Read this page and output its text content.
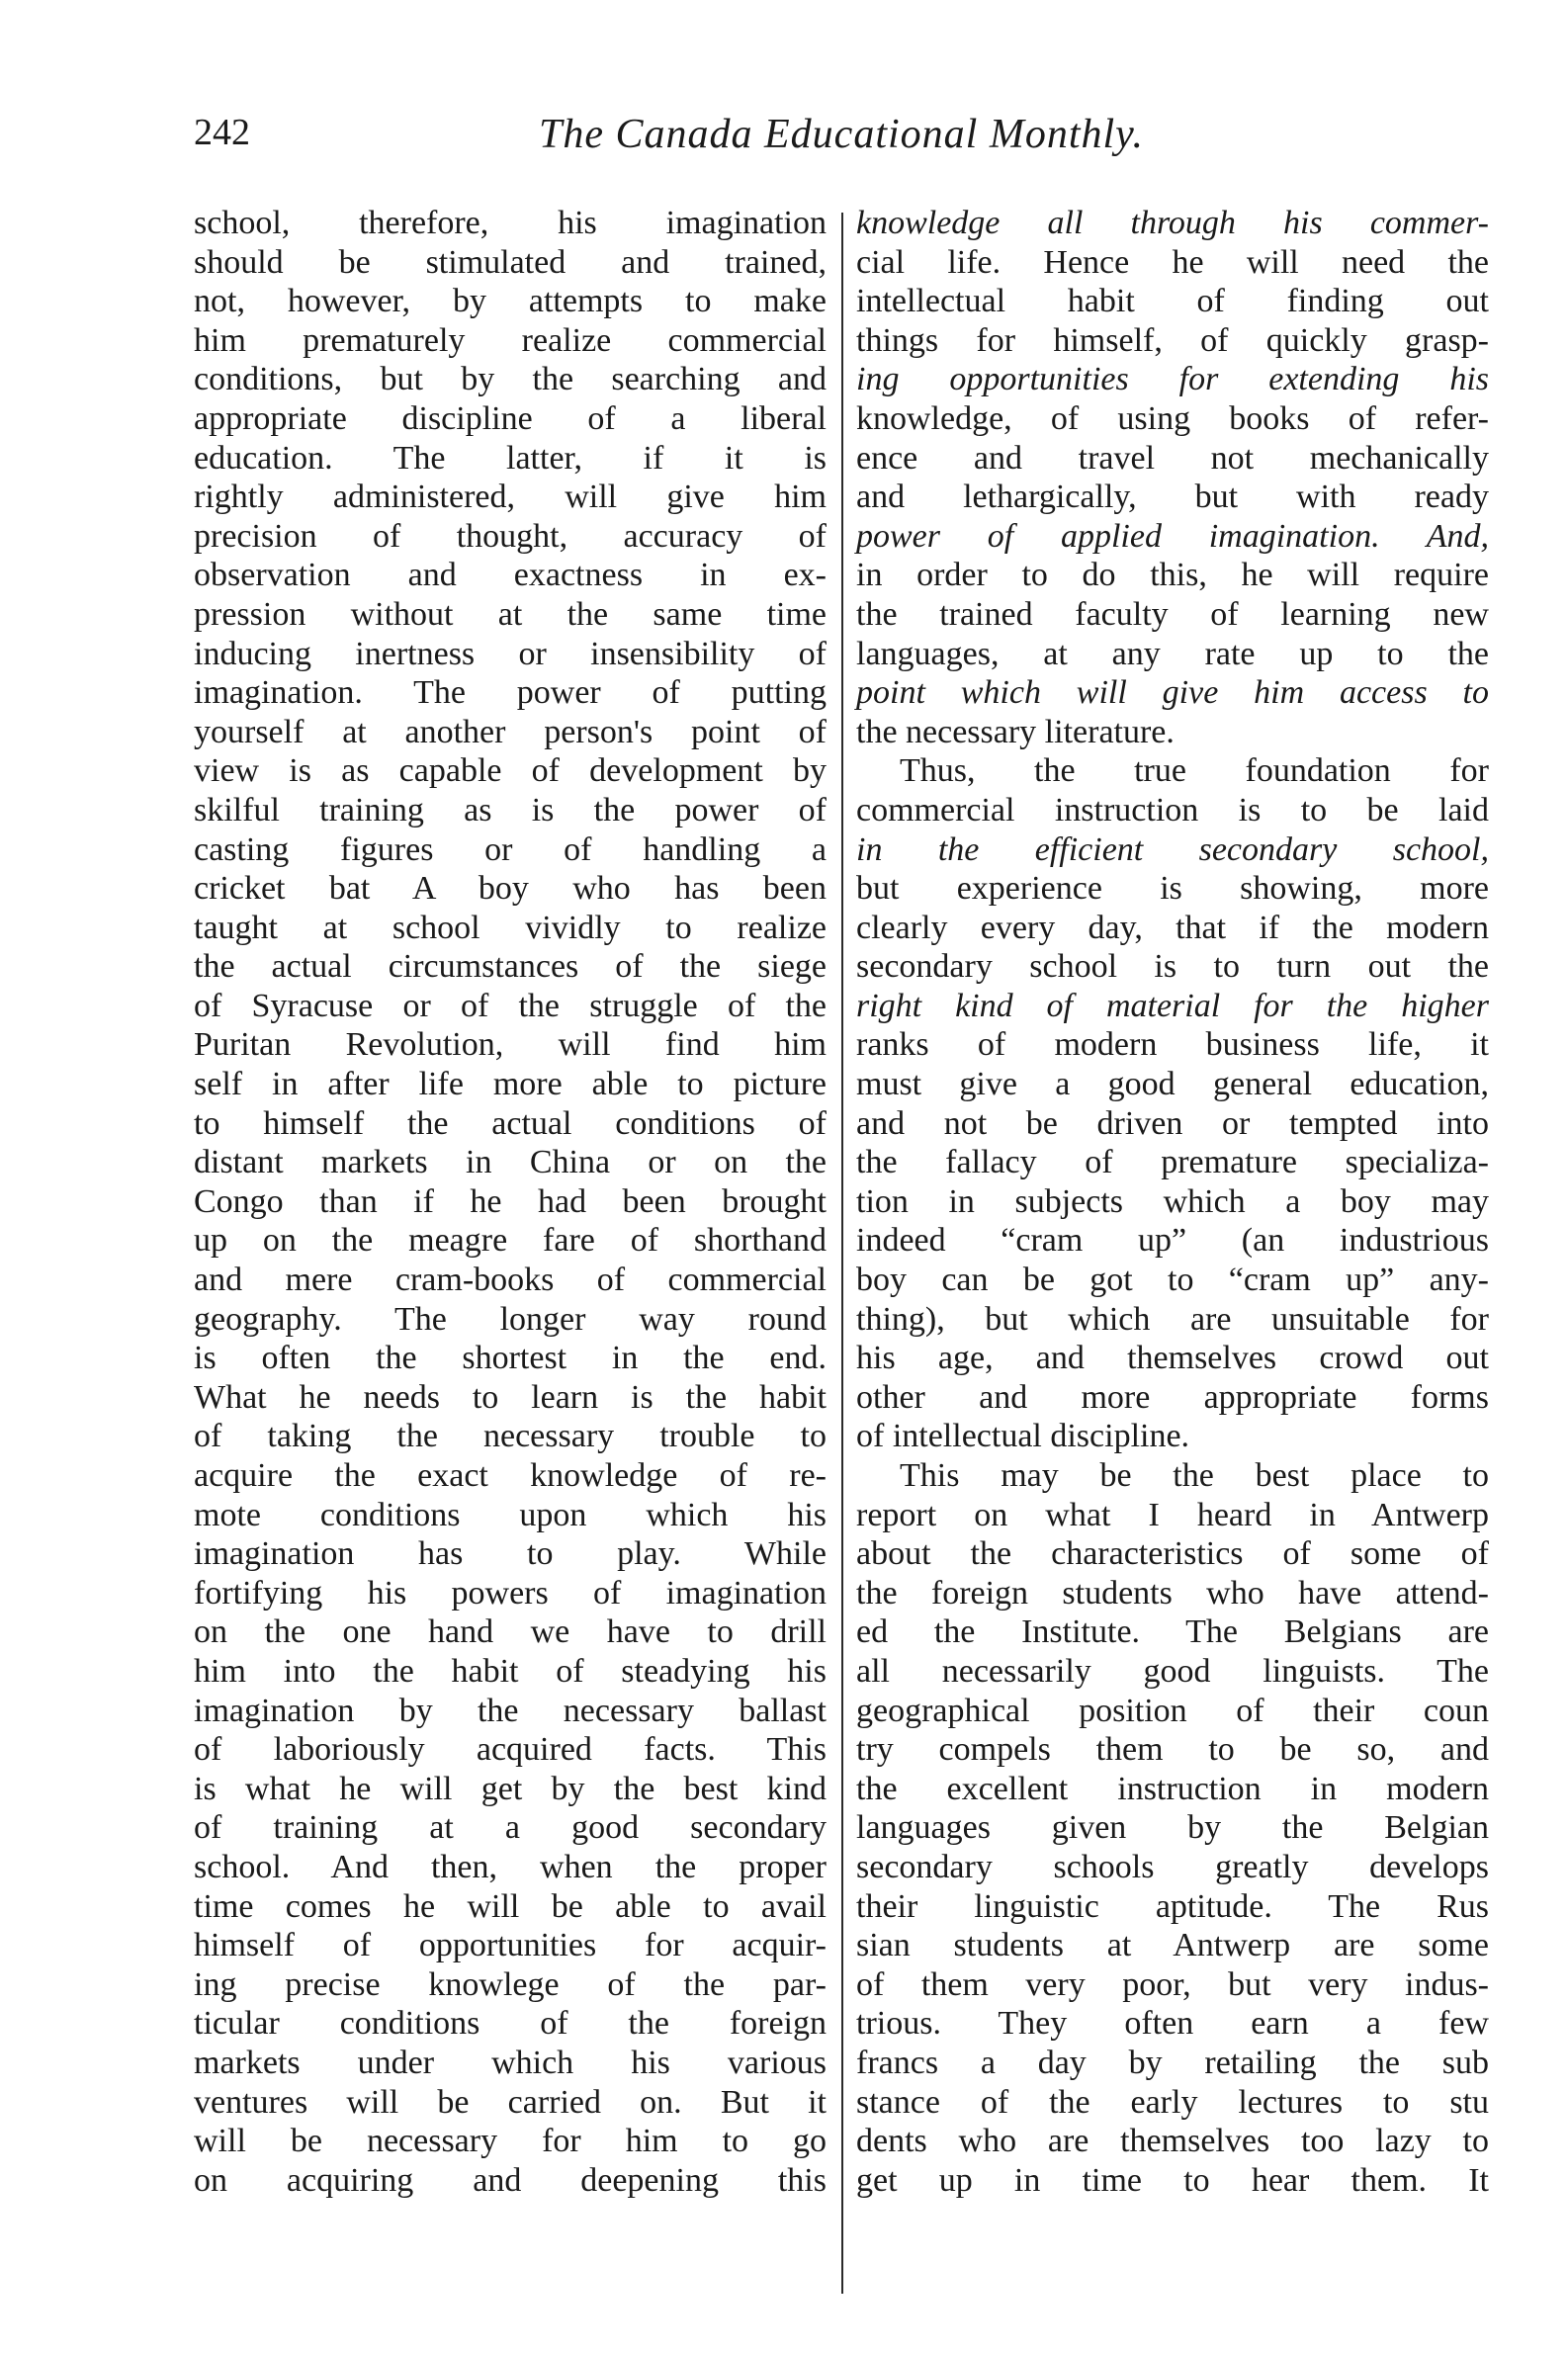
242	The Canada Educational Monthly.
school, therefore, his imagination
should be stimulated and trained,
not, however, by attempts to make
him prematurely realize commercial
conditions, but by the searching and
appropriate discipline of a liberal
education. The latter, if it is
rightly administered, will give him
precision of thought, accuracy of
observation and exactness in ex-
pression without at the same time
inducing inertness or insensibility of
imagination. The power of putting
yourself at another person's point of
view is as capable of development by
skilful training as is the power of
casting figures or of handling a
cricket bat A boy who has been
taught at school vividly to realize
the actual circumstances of the siege
of Syracuse or of the struggle of the
Puritan Revolution, will find him
self in after life more able to picture
to himself the actual conditions of
distant markets in China or on the
Congo than if he had been brought
up on the meagre fare of shorthand
and mere cram-books of commercial
geography. The longer way round
is often the shortest in the end.
What he needs to learn is the habit
of taking the necessary trouble to
acquire the exact knowledge of re-
mote conditions upon which his
imagination has to play. While
fortifying his powers of imagination
on the one hand we have to drill
him into the habit of steadying his
imagination by the necessary ballast
of laboriously acquired facts. This
is what he will get by the best kind
of training at a good secondary
school. And then, when the proper
time comes he will be able to avail
himself of opportunities for acquir-
ing precise knowlege of the par-
ticular conditions of the foreign
markets under which his various
ventures will be carried on. But it
will be necessary for him to go
on acquiring and deepening this
knowledge all through his commer-
cial life. Hence he will need the
intellectual habit of finding out
things for himself, of quickly grasp-
ing opportunities for extending his
knowledge, of using books of refer-
ence and travel not mechanically
and lethargically, but with ready
power of applied imagination. And,
in order to do this, he will require
the trained faculty of learning new
languages, at any rate up to the
point which will give him access to
the necessary literature.
Thus, the true foundation for
commercial instruction is to be laid
in the efficient secondary school,
but experience is showing, more
clearly every day, that if the modern
secondary school is to turn out the
right kind of material for the higher
ranks of modern business life, it
must give a good general education,
and not be driven or tempted into
the fallacy of premature specializa-
tion in subjects which a boy may
indeed “cram up” (an industrious
boy can be got to “cram up” any-
thing), but which are unsuitable for
his age, and themselves crowd out
other and more appropriate forms
of intellectual discipline.
This may be the best place to
report on what I heard in Antwerp
about the characteristics of some of
the foreign students who have attend-
ed the Institute. The Belgians are
all necessarily good linguists. The
geographical position of their coun
try compels them to be so, and
the excellent instruction in modern
languages given by the Belgian
secondary schools greatly develops
their linguistic aptitude. The Rus
sian students at Antwerp are some
of them very poor, but very indus-
trious. They often earn a few
francs a day by retailing the sub
stance of the early lectures to stu
dents who are themselves too lazy to
get up in time to hear them. It
